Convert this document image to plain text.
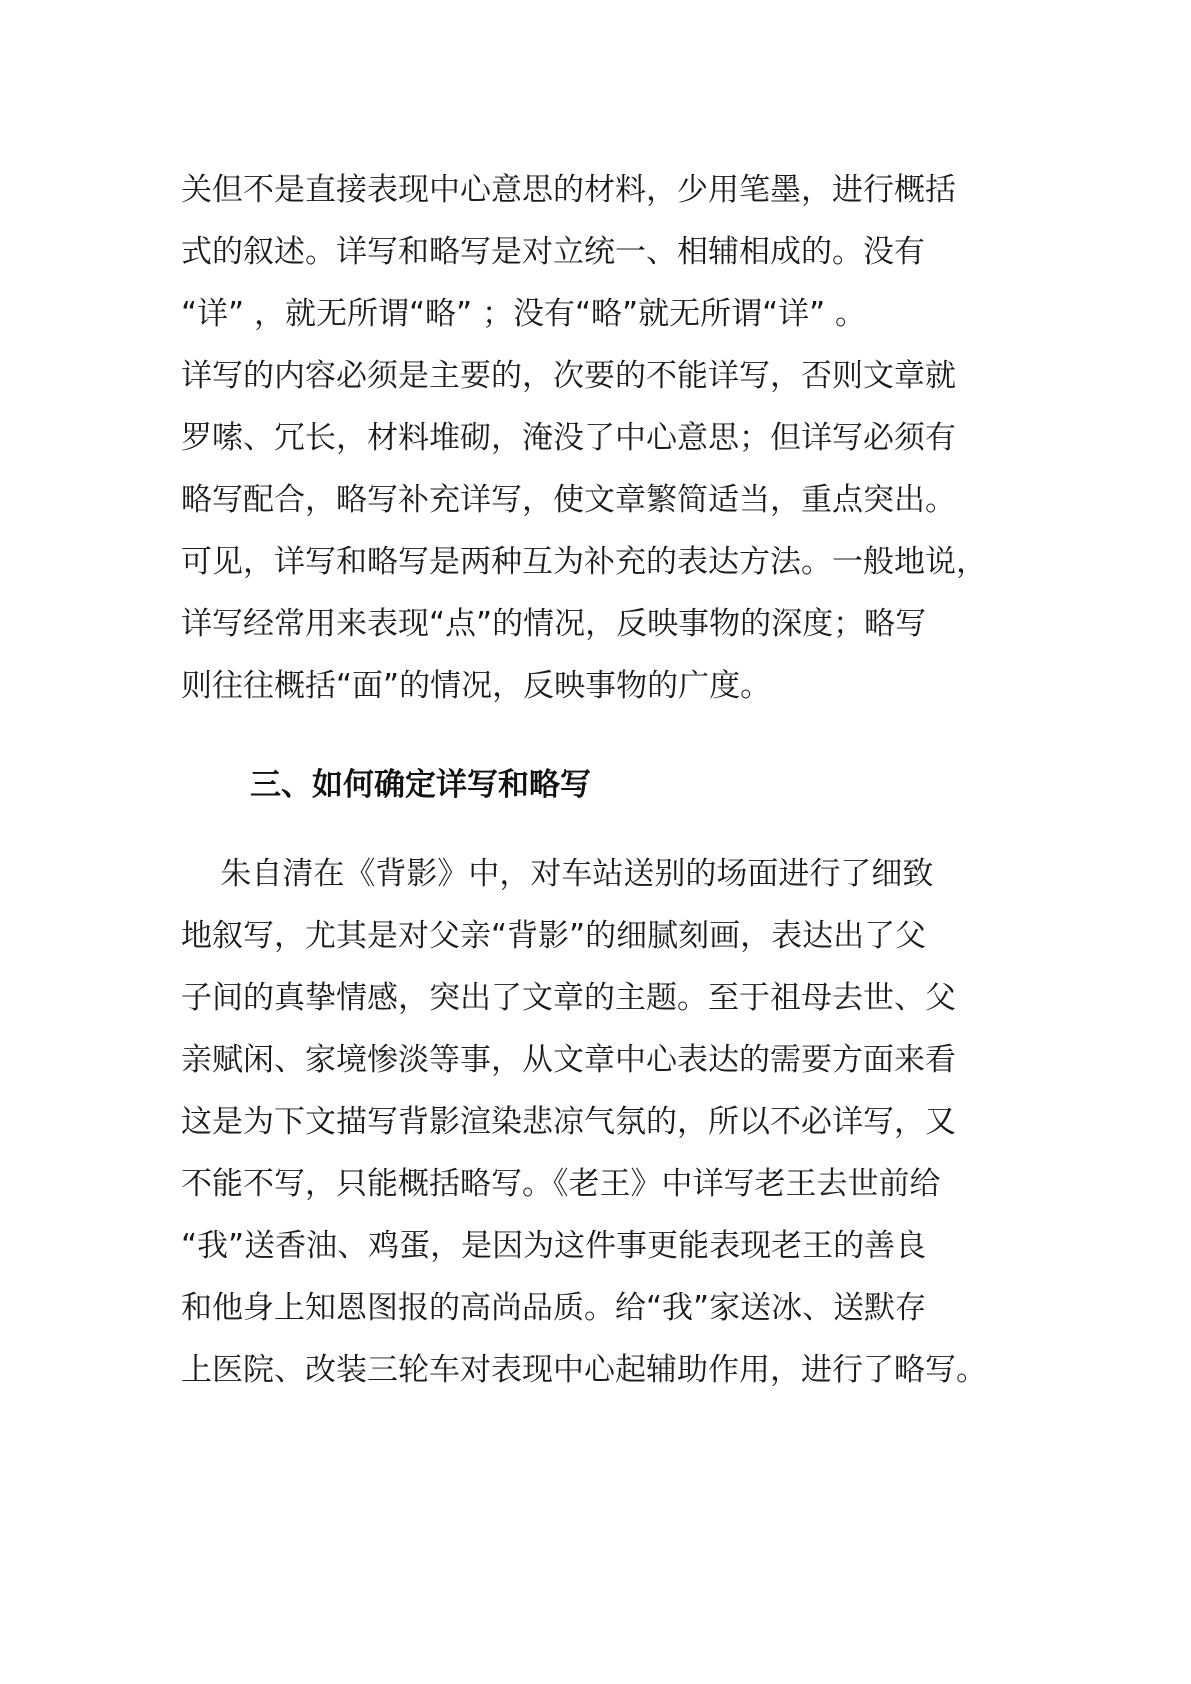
关但不是直接表现中心意思的材料，少用笔墨，进行概括
式的叙述。详写和略写是对立统一、相辅相成的。没有
“详” ，就无所谓“略” ；没有“略”就无所谓“详” 。
详写的内容必须是主要的，次要的不能详写，否则文章就
罗嗦、冗长，材料堆砌，淹没了中心意思；但详写必须有
略写配合，略写补充详写，使文章繁简适当，重点突出。
可见，详写和略写是两种互为补充的表达方法。一般地说，
详写经常用来表现“点”的情况，反映事物的深度；略写
则往往概括“面”的情况，反映事物的广度。
三、如何确定详写和略写
朱自清在《背影》中，对车站送别的场面进行了细致
地叙写，尤其是对父亲“背影”的细腻刻画，表达出了父
子间的真挚情感，突出了文章的主题。至于祖母去世、父
亲赋闲、家境惨淡等事，从文章中心表达的需要方面来看
这是为下文描写背影渲染悲凉气氛的，所以不必详写，又
不能不写，只能概括略写。《老王》中详写老王去世前给
“我”送香油、鸡蛋，是因为这件事更能表现老王的善良
和他身上知恩图报的高尚品质。给“我”家送冰、送默存
上医院、改装三轮车对表现中心起辅助作用，进行了略写。
